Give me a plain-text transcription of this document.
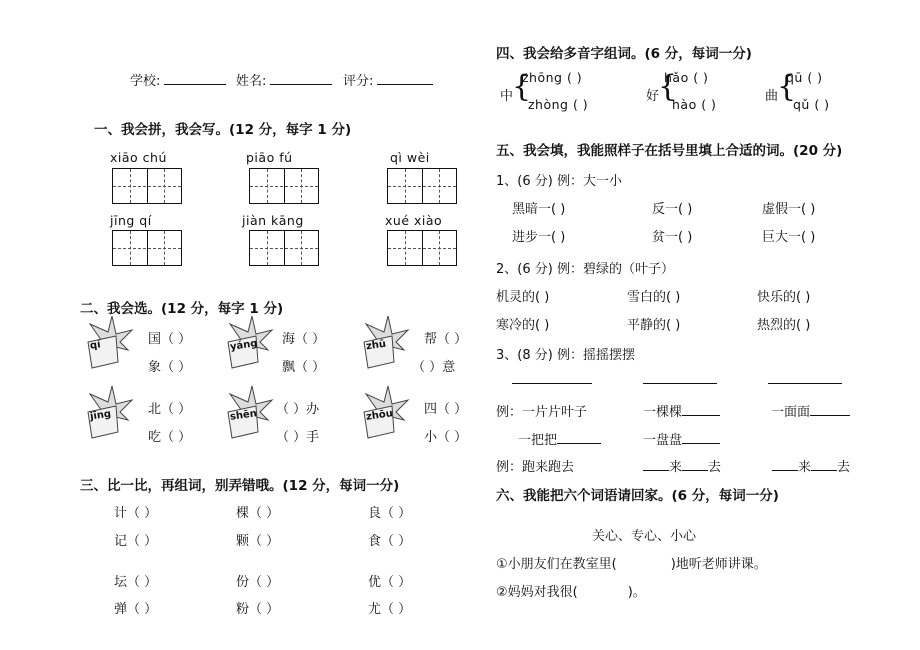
学校:	姓名:	评分:
一、我会拼，我会写。(12 分，每字 1 分)
xiāo chú	piāo fú	qì wèi
jīng qí	jiàn kāng	xué xiào
二、我会选。(12 分，每字 1 分)
qí	yáng	zhū
jīng	shēn	zhōu
国（ ）
象（ ）
海（ ）
飘（ ）
帮（ ）
（ ）意
北（ ）
吃（ ）
（ ）办
（ ）手
四（ ）
小（ ）
三、比一比，再组词，别弄错哦。(12 分，每词一分)
计（ ）	棵（ ）	良（ ）
记（ ）	颗（ ）	食（ ）
坛（ ）	份（ ）	优（ ）
弹（ ）	粉（ ）	尤（ ）
四、我会给多音字组词。(6 分，每词一分)
中
{
zhōng ( )
zhòng ( )
好
{
hǎo ( )
hào ( )
曲
{
qū ( )
qǔ ( )
五、我会填，我能照样子在括号里填上合适的词。(20 分)
1、(6 分) 例：大一小
黑暗一( )	反一( )	虚假一( )
进步一( )	贫一( )	巨大一( )
2、(6 分) 例：碧绿的（叶子）
机灵的( )	雪白的( )	快乐的( )
寒冷的( )	平静的( )	热烈的( )
3、(8 分) 例：摇摇摆摆
例：一片片叶子	一棵棵	一面面
一把把	一盘盘
例：跑来跑去	来 去	来 去
六、我能把六个词语请回家。(6 分，每词一分)
关心、专心、小心
①小朋友们在教室里(	)地听老师讲课。
②妈妈对我很(	)。
